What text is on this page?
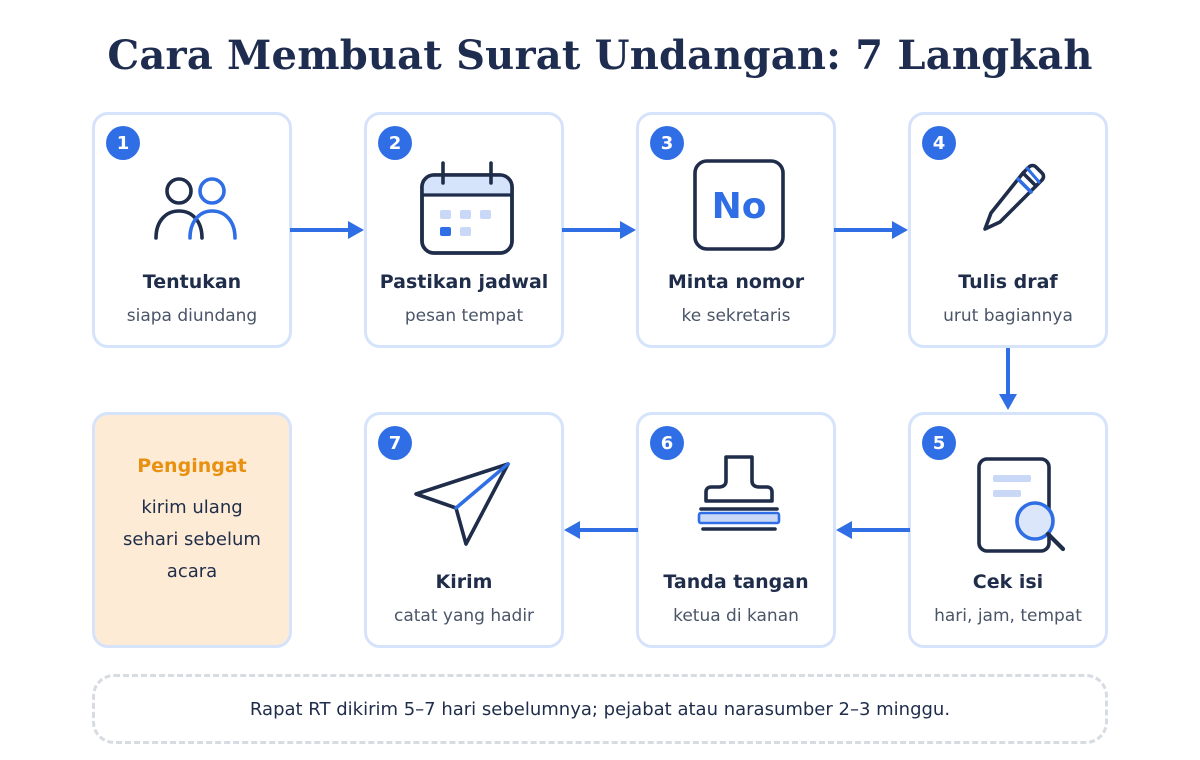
Cara Membuat Surat Undangan: 7 Langkah
1
Tentukan
siapa diundang
2
Pastikan jadwal
pesan tempat
3
No
Minta nomor
ke sekretaris
4
Tulis draf
urut bagiannya
Pengingat
kirim ulang
sehari sebelum
acara
7
Kirim
catat yang hadir
6
Tanda tangan
ketua di kanan
5
Cek isi
hari, jam, tempat
Rapat RT dikirim 5–7 hari sebelumnya; pejabat atau narasumber 2–3 minggu.
